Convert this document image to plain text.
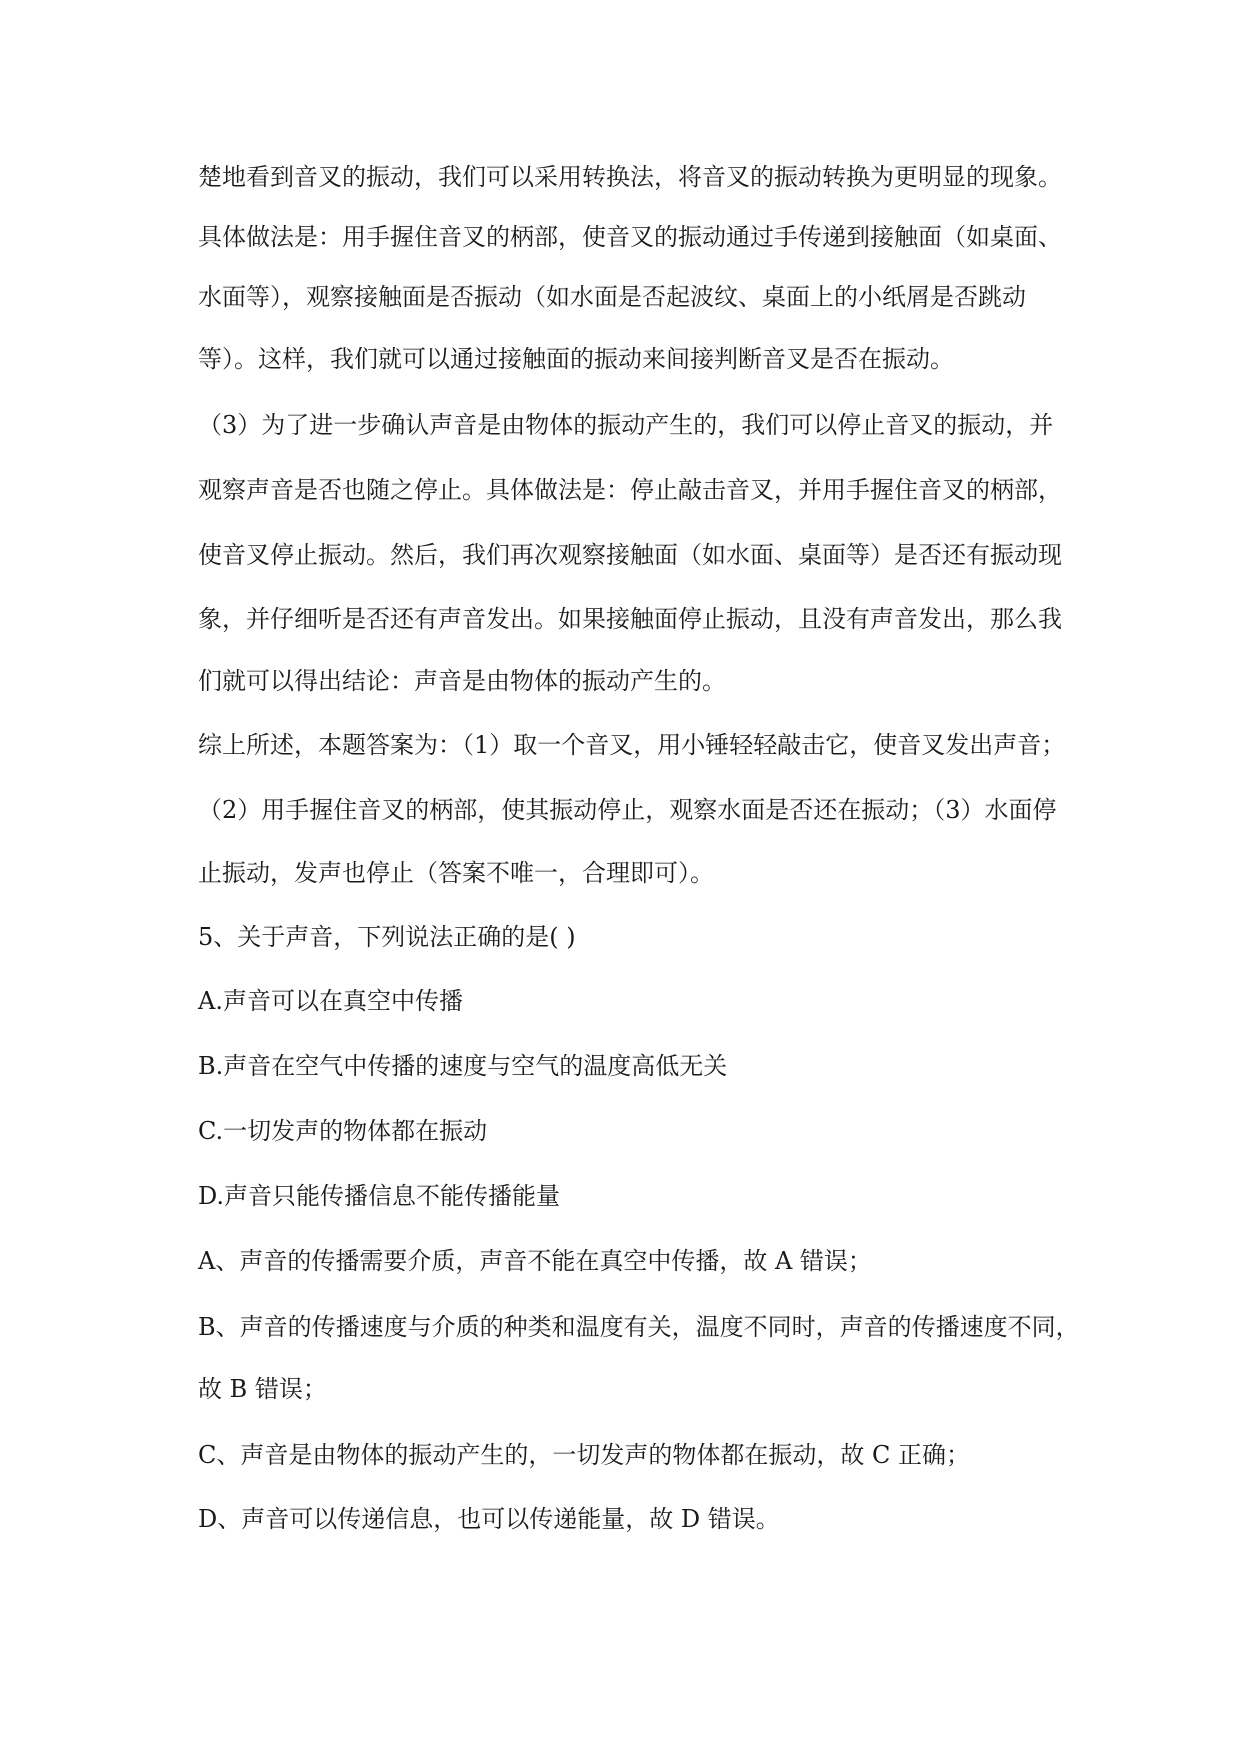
楚地看到音叉的振动，我们可以采用转换法，将音叉的振动转换为更明显的现象。

具体做法是：用手握住音叉的柄部，使音叉的振动通过手传递到接触面（如桌面、

水面等），观察接触面是否振动（如水面是否起波纹、桌面上的小纸屑是否跳动

等）。这样，我们就可以通过接触面的振动来间接判断音叉是否在振动。

（3）为了进一步确认声音是由物体的振动产生的，我们可以停止音叉的振动，并

观察声音是否也随之停止。具体做法是：停止敲击音叉，并用手握住音叉的柄部，

使音叉停止振动。然后，我们再次观察接触面（如水面、桌面等）是否还有振动现

象，并仔细听是否还有声音发出。如果接触面停止振动，且没有声音发出，那么我

们就可以得出结论：声音是由物体的振动产生的。

综上所述，本题答案为：（1）取一个音叉，用小锤轻轻敲击它，使音叉发出声音；

（2）用手握住音叉的柄部，使其振动停止，观察水面是否还在振动；（3）水面停

止振动，发声也停止（答案不唯一，合理即可）。

5、关于声音，下列说法正确的是( )

A.声音可以在真空中传播

B.声音在空气中传播的速度与空气的温度高低无关

C.一切发声的物体都在振动

D.声音只能传播信息不能传播能量

A、声音的传播需要介质，声音不能在真空中传播，故 A 错误；

B、声音的传播速度与介质的种类和温度有关，温度不同时，声音的传播速度不同，

故 B 错误；

C、声音是由物体的振动产生的，一切发声的物体都在振动，故 C 正确；

D、声音可以传递信息，也可以传递能量，故 D 错误。
